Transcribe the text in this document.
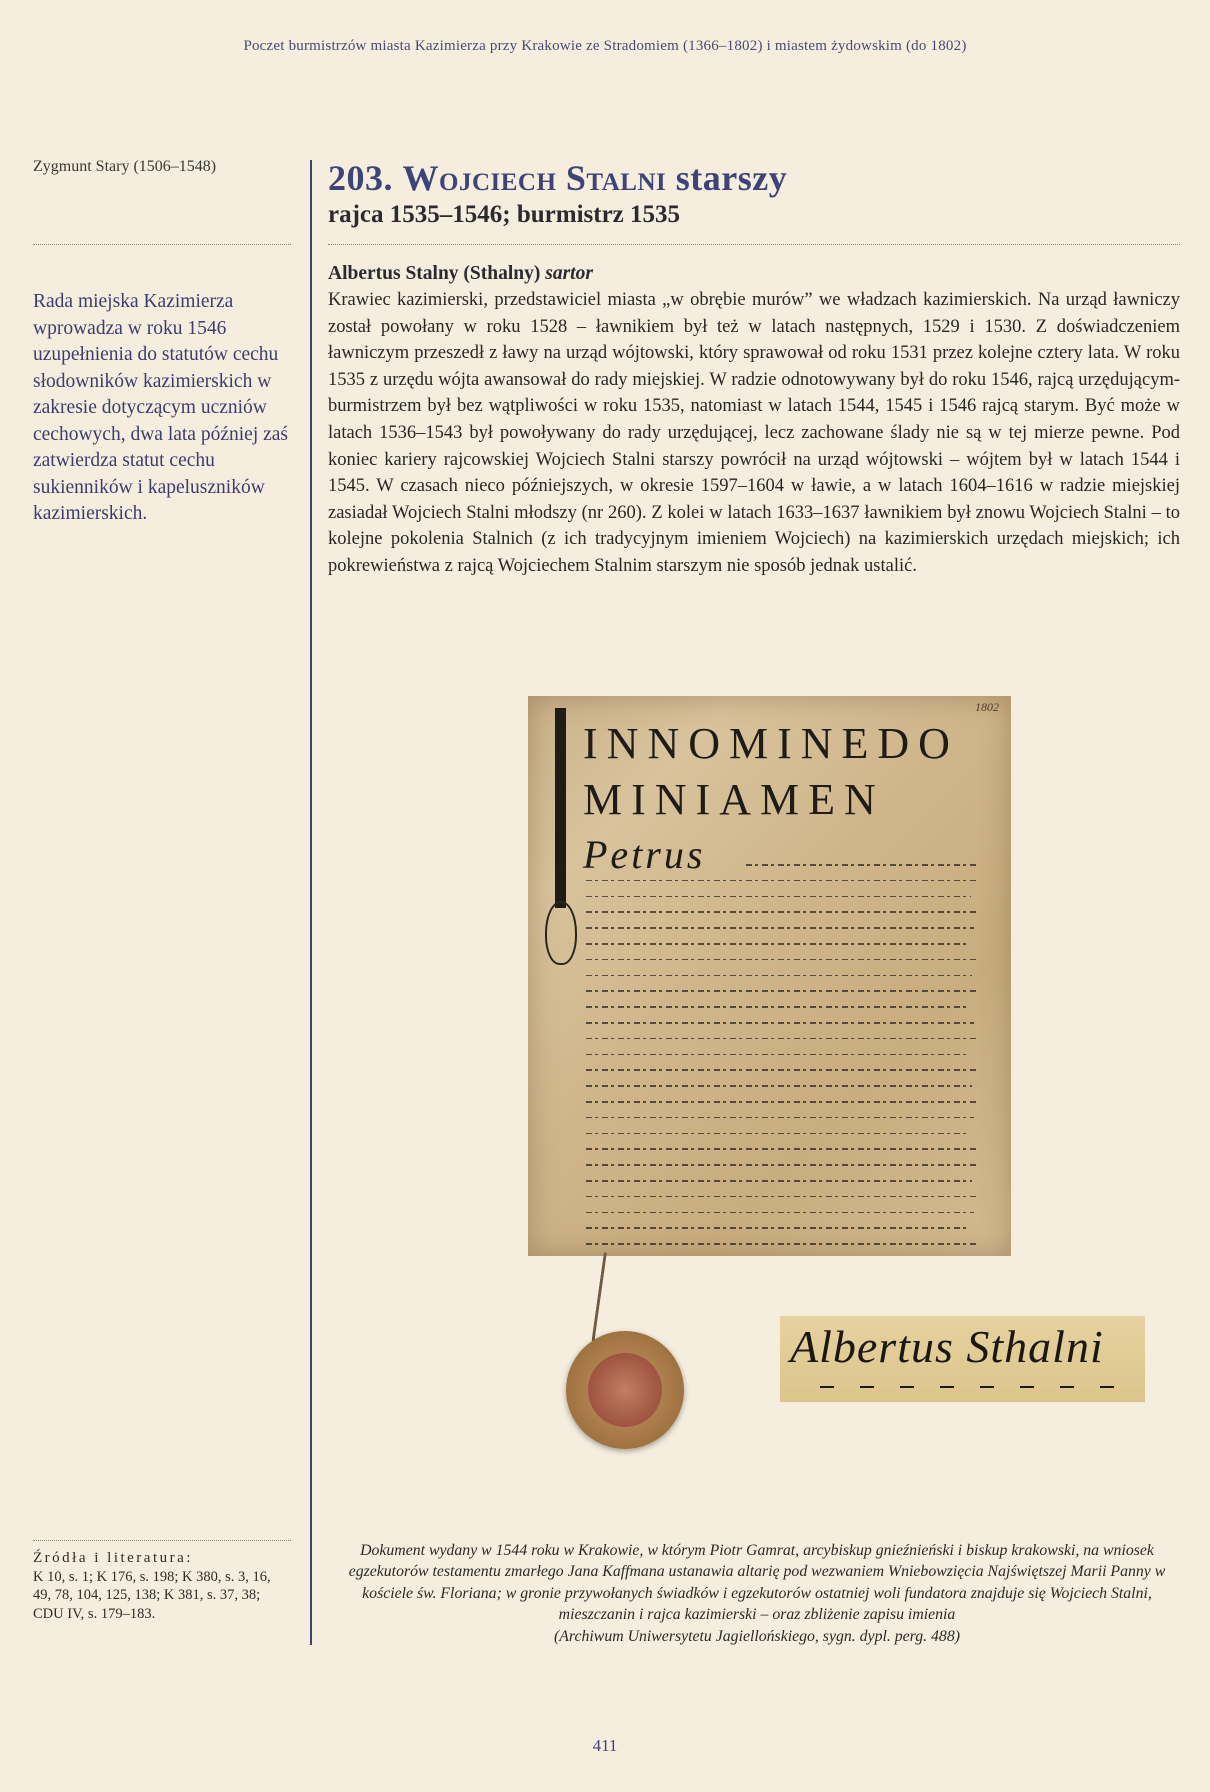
Poczet burmistrzów miasta Kazimierza przy Krakowie ze Stradomiem (1366–1802) i miastem żydowskim (do 1802)
Zygmunt Stary (1506–1548)
Rada miejska Kazimierza wprowadza w roku 1546 uzupełnienia do statutów cechu słodowników kazimierskich w zakresie dotyczącym uczniów cechowych, dwa lata później zaś zatwierdza statut cechu sukienników i kapeluszników kazimierskich.
Źródła i literatura:
K 10, s. 1; K 176, s. 198; K 380, s. 3, 16, 49, 78, 104, 125, 138; K 381, s. 37, 38; CDU IV, s. 179–183.
203. Wojciech Stalni starszy
rajca 1535–1546; burmistrz 1535
Albertus Stalny (Sthalny) sartor
Krawiec kazimierski, przedstawiciel miasta „w obrębie murów” we władzach kazimierskich. Na urząd ławniczy został powołany w roku 1528 – ławnikiem był też w latach następnych, 1529 i 1530. Z doświadczeniem ławniczym przeszedł z ławy na urząd wójtowski, który sprawował od roku 1531 przez kolejne cztery lata. W roku 1535 z urzędu wójta awansował do rady miejskiej. W radzie odnotowywany był do roku 1546, rajcą urzędującym-burmistrzem był bez wątpliwości w roku 1535, natomiast w latach 1544, 1545 i 1546 rajcą starym. Być może w latach 1536–1543 był powoływany do rady urzędującej, lecz zachowane ślady nie są w tej mierze pewne. Pod koniec kariery rajcowskiej Wojciech Stalni starszy powrócił na urząd wójtowski – wójtem był w latach 1544 i 1545. W czasach nieco późniejszych, w okresie 1597–1604 w ławie, a w latach 1604–1616 w radzie miejskiej zasiadał Wojciech Stalni młodszy (nr 260). Z kolei w latach 1633–1637 ławnikiem był znowu Wojciech Stalni – to kolejne pokolenia Stalnich (z ich tradycyjnym imieniem Wojciech) na kazimierskich urzędach miejskich; ich pokrewieństwa z rajcą Wojciechem Stalnim starszym nie sposób jednak ustalić.
1802
INNOMINEDO
MINIAMEN
Petrus
Albertus Sthalni
Dokument wydany w 1544 roku w Krakowie, w którym Piotr Gamrat, arcybiskup gnieźnieński i biskup krakowski, na wniosek egzekutorów testamentu zmarłego Jana Kaffmana ustanawia altarię pod wezwaniem Wniebowzięcia Najświętszej Marii Panny w kościele św. Floriana; w gronie przywołanych świadków i egzekutorów ostatniej woli fundatora znajduje się Wojciech Stalni, mieszczanin i rajca kazimierski – oraz zbliżenie zapisu imienia
(Archiwum Uniwersytetu Jagiellońskiego, sygn. dypl. perg. 488)
411
